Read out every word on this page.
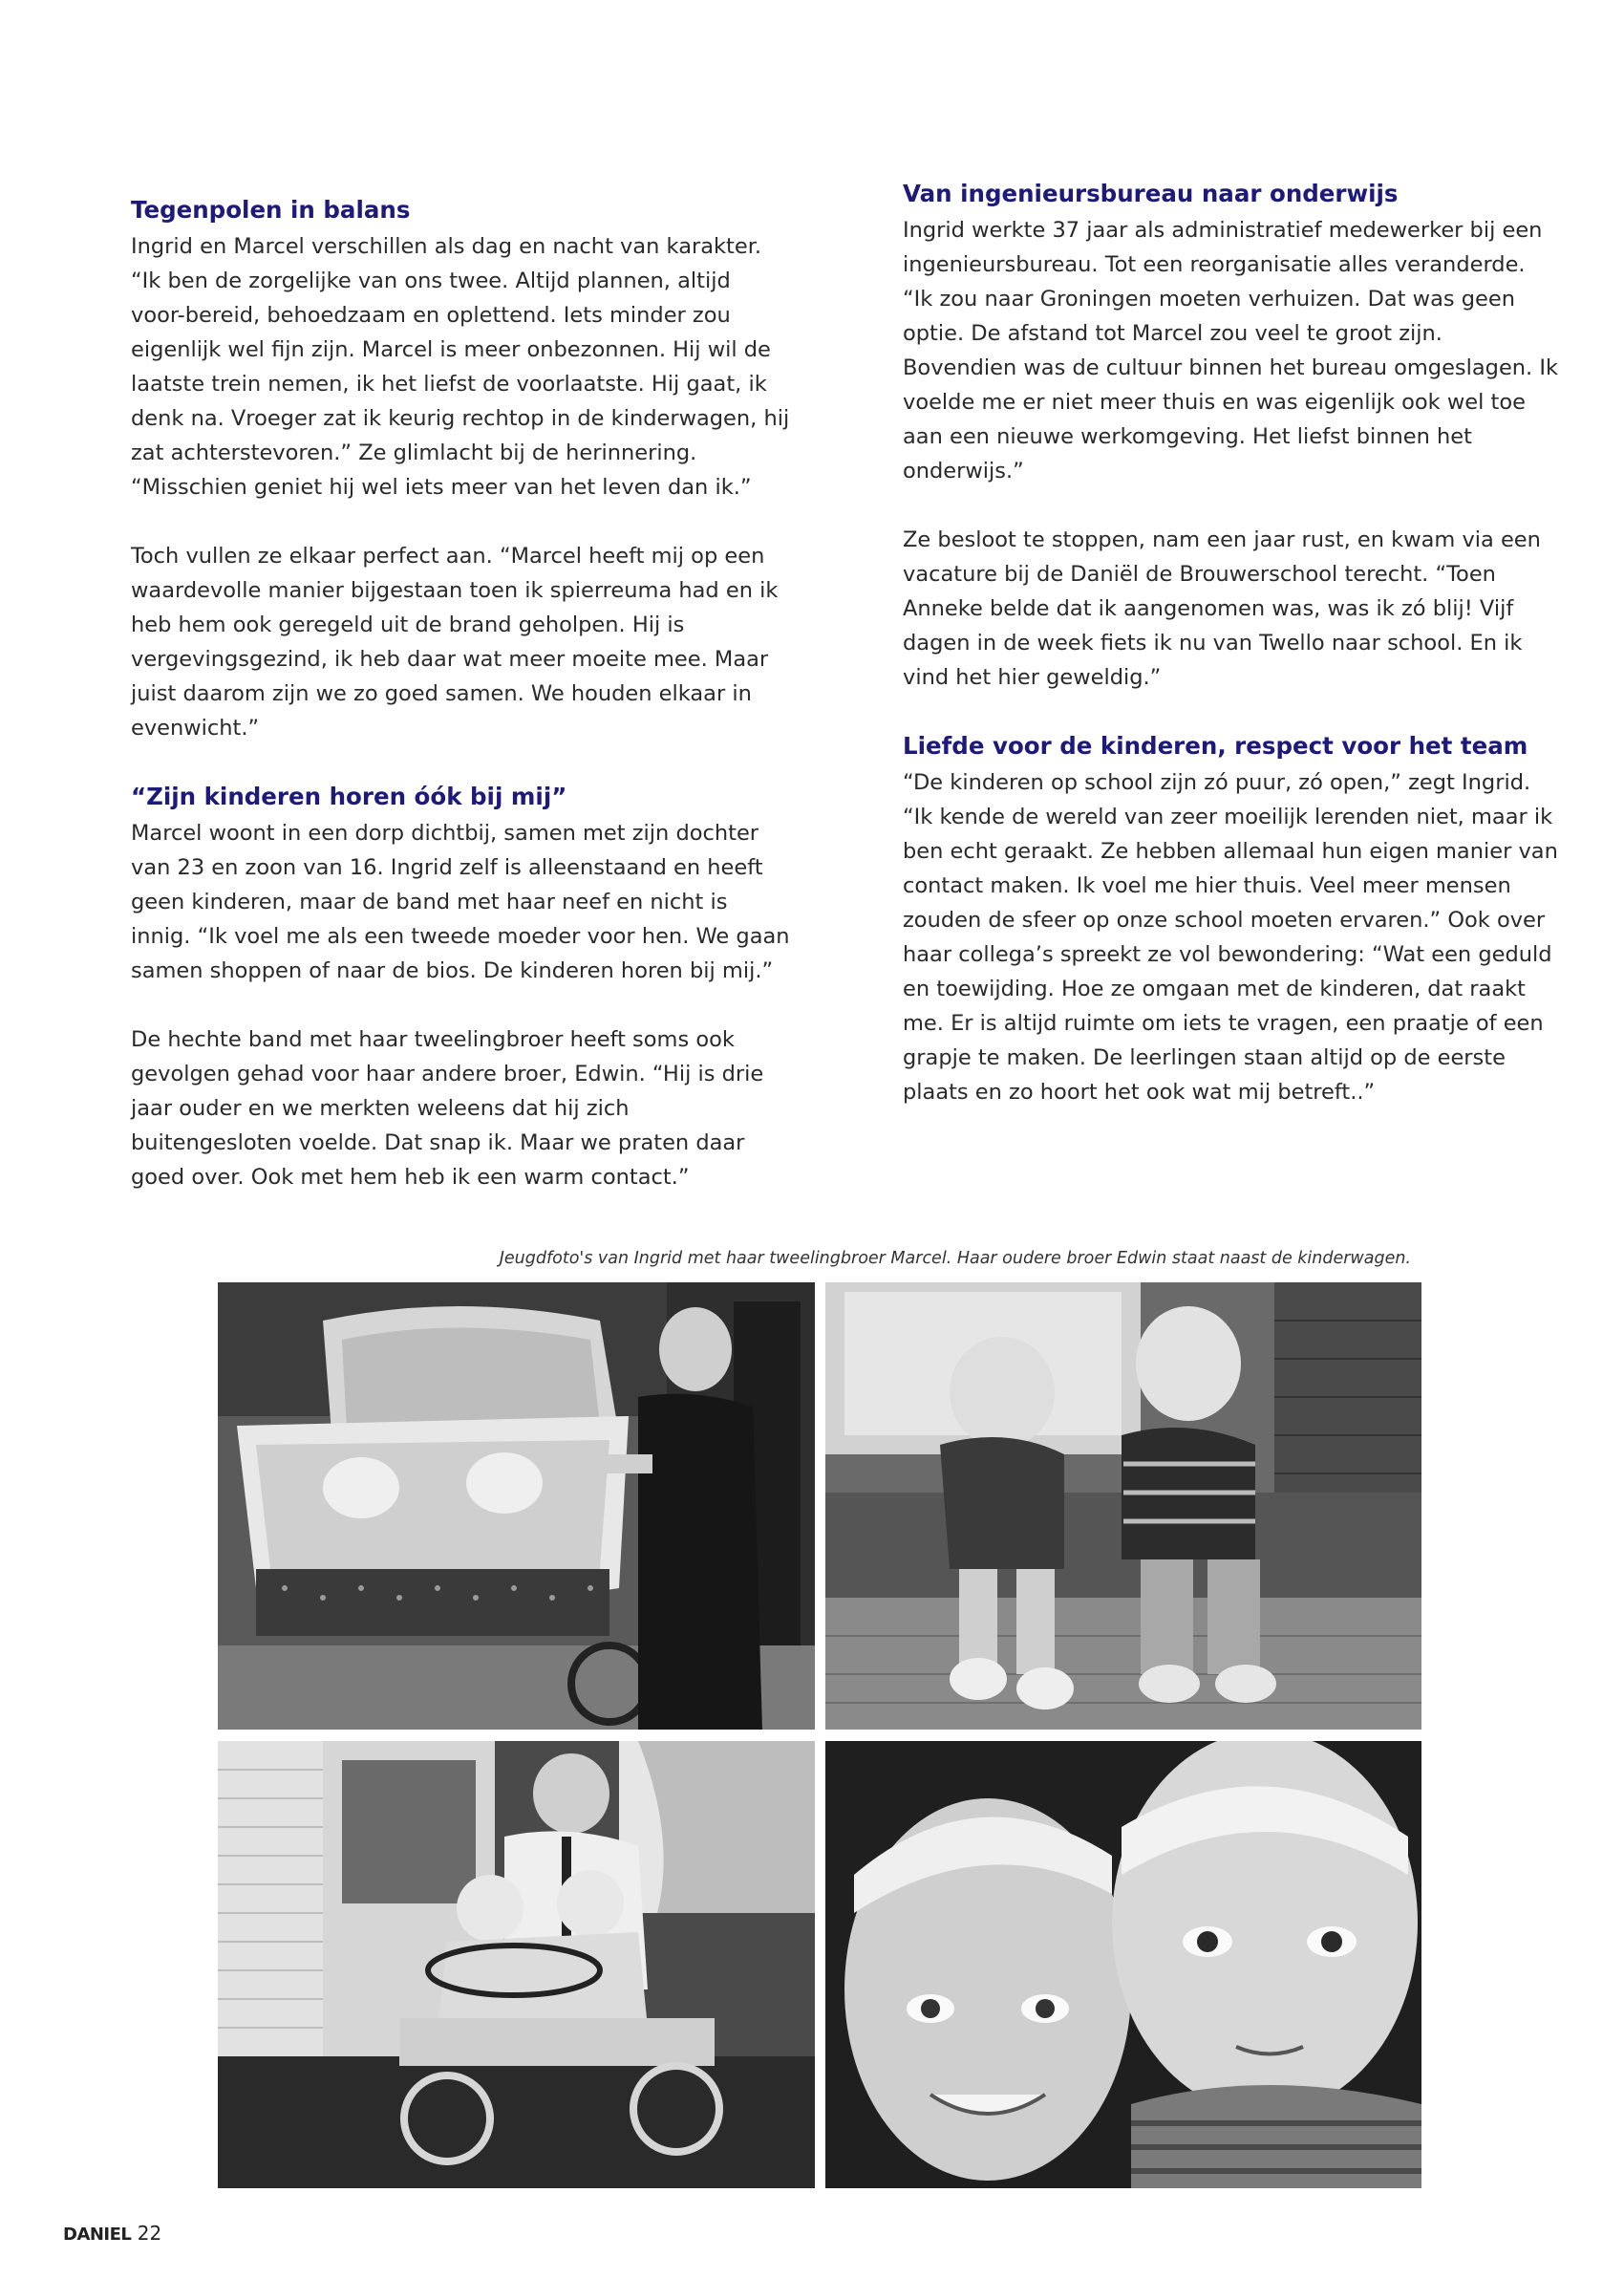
Tegenpolen in balans

Ingrid en Marcel verschillen als dag en nacht van karakter. “Ik ben de zorgelijke van ons twee. Altijd plannen, altijd voor-bereid, behoedzaam en oplettend. Iets minder zou eigenlijk wel fijn zijn. Marcel is meer onbezonnen. Hij wil de laatste trein nemen, ik het liefst de voorlaatste. Hij gaat, ik denk na. Vroeger zat ik keurig rechtop in de kinderwagen, hij zat achterstevoren.” Ze glimlacht bij de herinnering. “Misschien geniet hij wel iets meer van het leven dan ik.”

Toch vullen ze elkaar perfect aan. “Marcel heeft mij op een waardevolle manier bijgestaan toen ik spierreuma had en ik heb hem ook geregeld uit de brand geholpen. Hij is vergevingsgezind, ik heb daar wat meer moeite mee. Maar juist daarom zijn we zo goed samen. We houden elkaar in evenwicht.”

“Zijn kinderen horen óók bij mij”

Marcel woont in een dorp dichtbij, samen met zijn dochter van 23 en zoon van 16. Ingrid zelf is alleenstaand en heeft geen kinderen, maar de band met haar neef en nicht is innig. “Ik voel me als een tweede moeder voor hen. We gaan samen shoppen of naar de bios. De kinderen horen bij mij.”

De hechte band met haar tweelingbroer heeft soms ook gevolgen gehad voor haar andere broer, Edwin. “Hij is drie jaar ouder en we merkten weleens dat hij zich buitengesloten voelde. Dat snap ik. Maar we praten daar goed over. Ook met hem heb ik een warm contact.”

Van ingenieursbureau naar onderwijs

Ingrid werkte 37 jaar als administratief medewerker bij een ingenieursbureau. Tot een reorganisatie alles veranderde. “Ik zou naar Groningen moeten verhuizen. Dat was geen optie. De afstand tot Marcel zou veel te groot zijn. Bovendien was de cultuur binnen het bureau omgeslagen. Ik voelde me er niet meer thuis en was eigenlijk ook wel toe aan een nieuwe werkomgeving. Het liefst binnen het onderwijs.”

Ze besloot te stoppen, nam een jaar rust, en kwam via een vacature bij de Daniël de Brouwerschool terecht. “Toen Anneke belde dat ik aangenomen was, was ik zó blij! Vijf dagen in de week fiets ik nu van Twello naar school. En ik vind het hier geweldig.”

Liefde voor de kinderen, respect voor het team

“De kinderen op school zijn zó puur, zó open,” zegt Ingrid. “Ik kende de wereld van zeer moeilijk lerenden niet, maar ik ben echt geraakt. Ze hebben allemaal hun eigen manier van contact maken. Ik voel me hier thuis. Veel meer mensen zouden de sfeer op onze school moeten ervaren.” Ook over haar collega’s spreekt ze vol bewondering: “Wat een geduld en toewijding. Hoe ze omgaan met de kinderen, dat raakt me. Er is altijd ruimte om iets te vragen, een praatje of een grapje te maken. De leerlingen staan altijd op de eerste plaats en zo hoort het ook wat mij betreft..”

Jeugdfoto's van Ingrid met haar tweelingbroer Marcel. Haar oudere broer Edwin staat naast de kinderwagen.
DANIEL 22
